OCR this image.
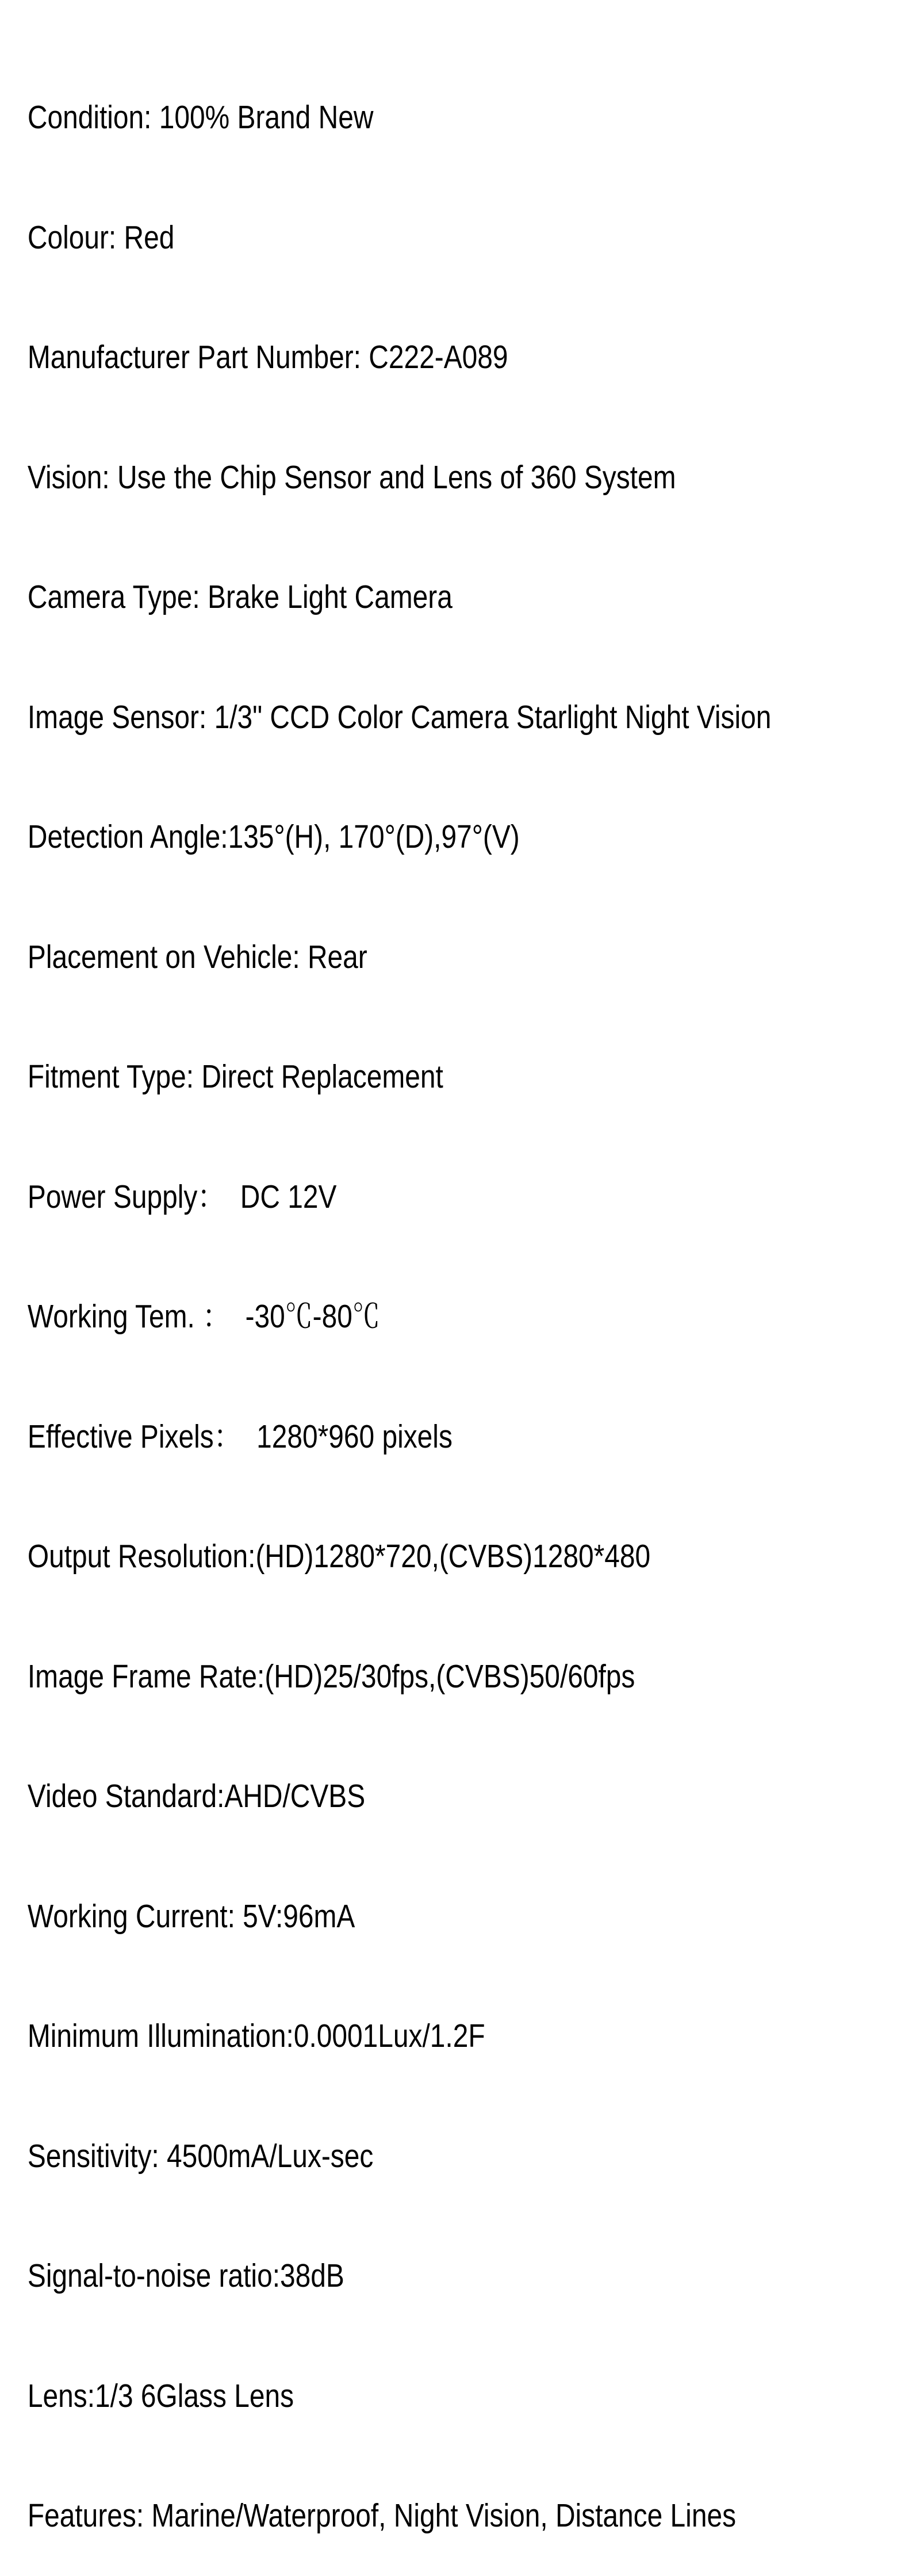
Condition: 100% Brand New

Colour: Red

Manufacturer Part Number: C222-A089

Vision: Use the Chip Sensor and Lens of 360 System

Camera Type: Brake Light Camera

Image Sensor: 1/3" CCD Color Camera Starlight Night Vision

Detection Angle:135°(H), 170°(D),97°(V)

Placement on Vehicle: Rear

Fitment Type: Direct Replacement

Power Supply：  DC 12V

Working Tem. ：  -30℃-80℃

Effective Pixels：  1280*960 pixels

Output Resolution:(HD)1280*720,(CVBS)1280*480

Image Frame Rate:(HD)25/30fps,(CVBS)50/60fps

Video Standard:AHD/CVBS

Working Current: 5V:96mA

Minimum Illumination:0.0001Lux/1.2F

Sensitivity: 4500mA/Lux-sec

Signal-to-noise ratio:38dB

Lens:1/3 6Glass Lens

Features: Marine/Waterproof, Night Vision, Distance Lines
